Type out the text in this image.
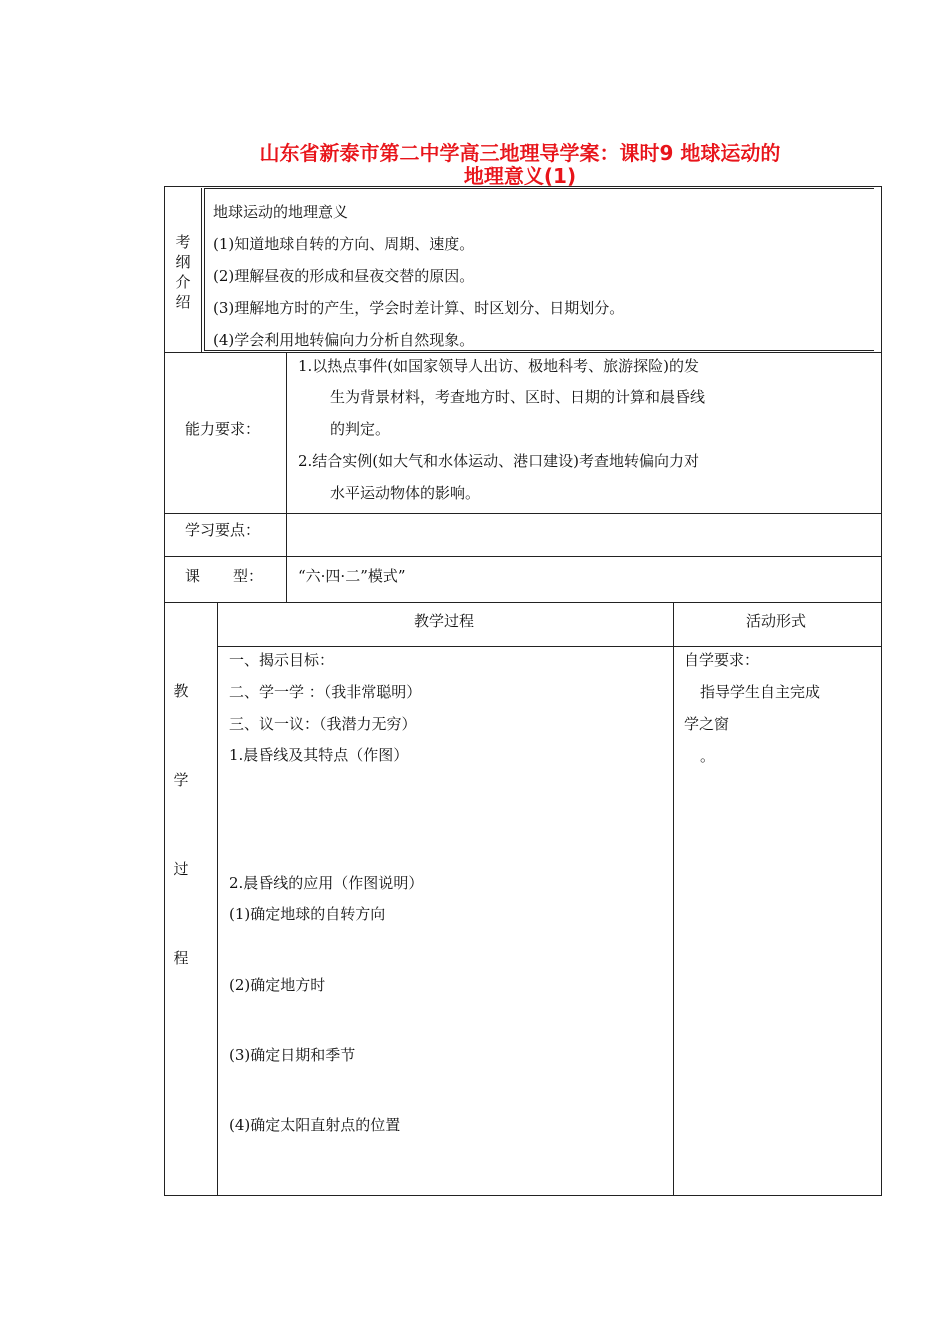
山东省新泰市第二中学高三地理导学案：课时9 地球运动的
地理意义(1)
考
纲
介
绍
地球运动的地理意义
(1)知道地球自转的方向、周期、速度。
(2)理解昼夜的形成和昼夜交替的原因。
(3)理解地方时的产生，学会时差计算、时区划分、日期划分。
(4)学会利用地转偏向力分析自然现象。
能力要求：
1.以热点事件(如国家领导人出访、极地科考、旅游探险)的发
生为背景材料，考查地方时、区时、日期的计算和晨昏线
的判定。
2.结合实例(如大气和水体运动、港口建设)考查地转偏向力对
水平运动物体的影响。
学习要点：
课 型： “六·四·二”模式”
教
学
过
程
教学过程	活动形式
一、揭示目标：
二、学一学 ：（我非常聪明）
三、议一议：（我潜力无穷）
1.晨昏线及其特点（作图）
2.晨昏线的应用（作图说明）
(1)确定地球的自转方向
(2)确定地方时
(3)确定日期和季节
(4)确定太阳直射点的位置
自学要求：
指导学生自主完成
学之窗
。
